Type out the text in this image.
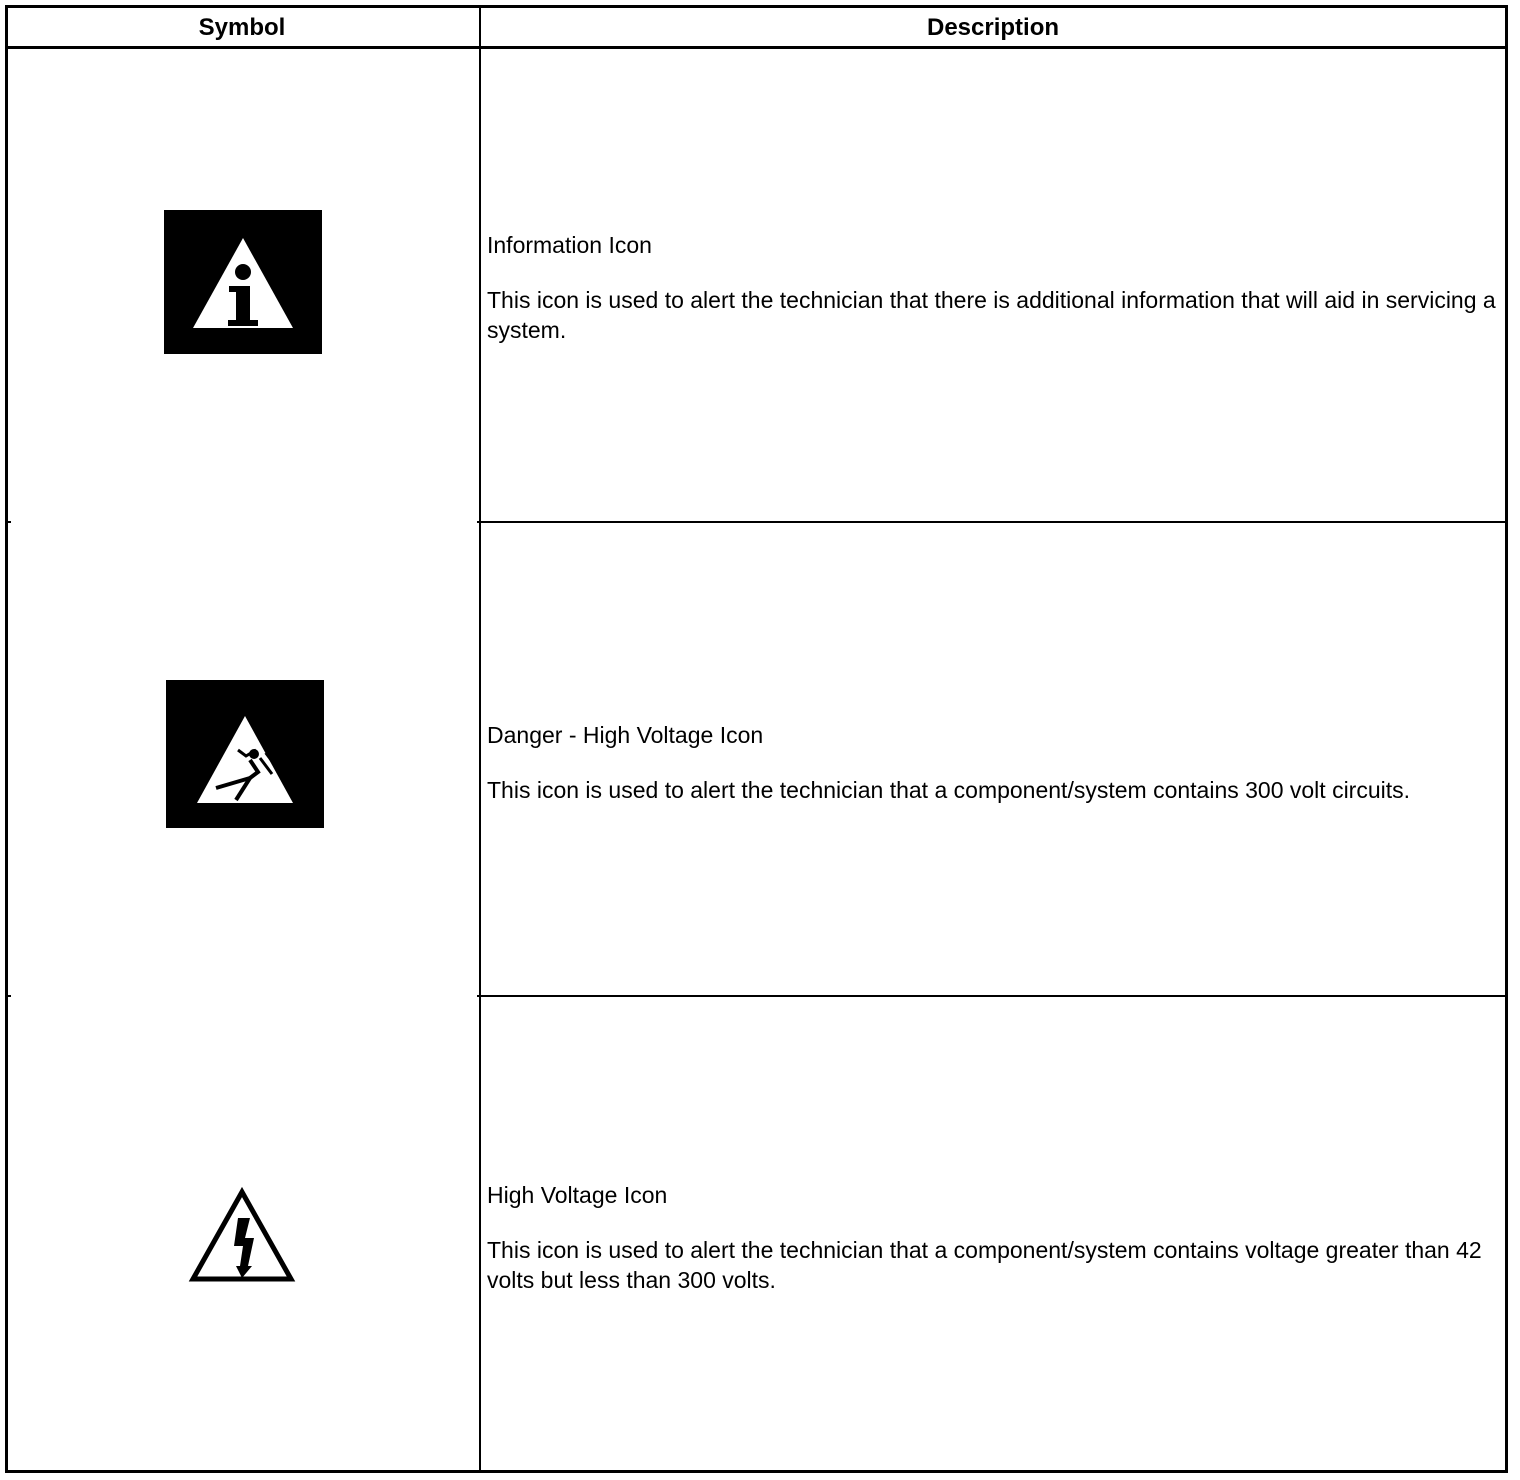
Symbol	Description

Information Icon

This icon is used to alert the technician that there is additional information that will aid in servicing a system.

Danger - High Voltage Icon

This icon is used to alert the technician that a component/system contains 300 volt circuits.

High Voltage Icon

This icon is used to alert the technician that a component/system contains voltage greater than 42 volts but less than 300 volts.
